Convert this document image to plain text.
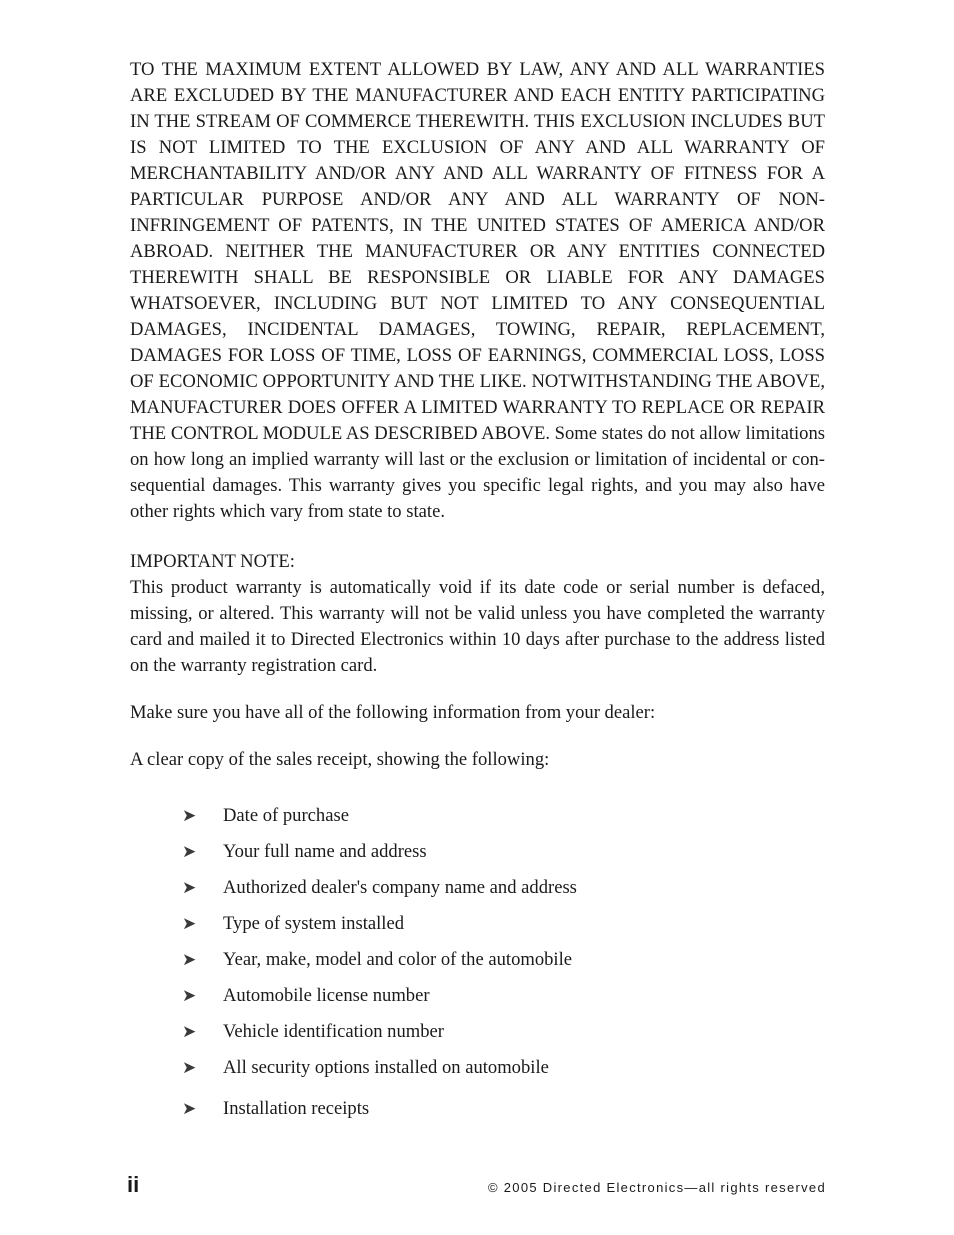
TO THE MAXIMUM EXTENT ALLOWED BY LAW, ANY AND ALL WARRANTIES ARE EXCLUDED BY THE MANUFACTURER AND EACH ENTITY PARTICIPATING IN THE STREAM OF COMMERCE THEREWITH. THIS EXCLUSION INCLUDES BUT IS NOT LIMITED TO THE EXCLUSION OF ANY AND ALL WARRANTY OF MERCHANTABILITY AND/OR ANY AND ALL WARRANTY OF FITNESS FOR A PARTICULAR PURPOSE AND/OR ANY AND ALL WARRANTY OF NON-INFRINGEMENT OF PATENTS, IN THE UNITED STATES OF AMERICA AND/OR ABROAD. NEITHER THE MANUFACTURER OR ANY ENTITIES CONNECTED THEREWITH SHALL BE RESPONSIBLE OR LIABLE FOR ANY DAMAGES WHATSOEVER, INCLUDING BUT NOT LIMITED TO ANY CONSEQUENTIAL DAMAGES, INCIDENTAL DAMAGES, TOWING, REPAIR, REPLACEMENT, DAMAGES FOR LOSS OF TIME, LOSS OF EARNINGS, COMMERCIAL LOSS, LOSS OF ECONOMIC OPPORTUNITY AND THE LIKE. NOTWITHSTANDING THE ABOVE, MANUFACTURER DOES OFFER A LIMITED WARRANTY TO REPLACE OR REPAIR THE CONTROL MODULE AS DESCRIBED ABOVE. Some states do not allow limitations on how long an implied warranty will last or the exclusion or limitation of incidental or consequential damages. This warranty gives you specific legal rights, and you may also have other rights which vary from state to state.

IMPORTANT NOTE:

This product warranty is automatically void if its date code or serial number is defaced, missing, or altered. This warranty will not be valid unless you have completed the warranty card and mailed it to Directed Electronics within 10 days after purchase to the address listed on the warranty registration card.

Make sure you have all of the following information from your dealer:

A clear copy of the sales receipt, showing the following:

➤	Date of purchase
➤	Your full name and address
➤	Authorized dealer's company name and address
➤	Type of system installed
➤	Year, make, model and color of the automobile
➤	Automobile license number
➤	Vehicle identification number
➤	All security options installed on automobile
➤	Installation receipts
ii	© 2005 Directed Electronics—all rights reserved
